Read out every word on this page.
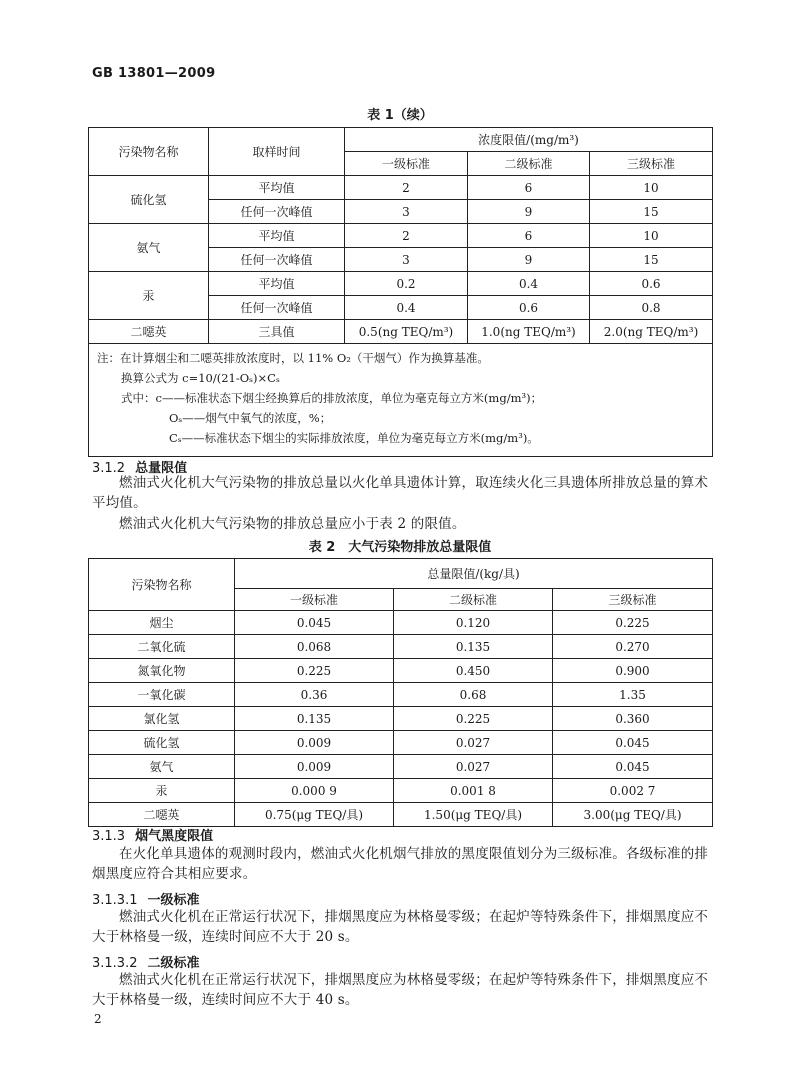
GB 13801—2009
表 1（续）
污染物名称	取样时间	浓度限值/(mg/m³)		
		一级标准	二级标准	三级标准
硫化氢	平均值	2	6	10
	任何一次峰值	3	9	15
氨气	平均值	2	6	10
	任何一次峰值	3	9	15
汞	平均值	0.2	0.4	0.6
	任何一次峰值	0.4	0.6	0.8
二噁英	三具值	0.5(ng TEQ/m³)	1.0(ng TEQ/m³)	2.0(ng TEQ/m³)

注：在计算烟尘和二噁英排放浓度时，以 11% O₂（干烟气）作为换算基准。
换算公式为 c=10/(21-Oₛ)×Cₛ
式中：c——标准状态下烟尘经换算后的排放浓度，单位为毫克每立方米(mg/m³)；
Oₛ——烟气中氧气的浓度，%；
Cₛ——标准状态下烟尘的实际排放浓度，单位为毫克每立方米(mg/m³)。				
3.1.2 总量限值
燃油式火化机大气污染物的排放总量以火化单具遗体计算，取连续火化三具遗体所排放总量的算术平均值。
燃油式火化机大气污染物的排放总量应小于表 2 的限值。
表 2　大气污染物排放总量限值
污染物名称	总量限值/(kg/具)		
	一级标准	二级标准	三级标准
烟尘	0.045	0.120	0.225
二氧化硫	0.068	0.135	0.270
氮氧化物	0.225	0.450	0.900
一氧化碳	0.36	0.68	1.35
氯化氢	0.135	0.225	0.360
硫化氢	0.009	0.027	0.045
氨气	0.009	0.027	0.045
汞	0.000 9	0.001 8	0.002 7
二噁英	0.75(μg TEQ/具)	1.50(μg TEQ/具)	3.00(μg TEQ/具)
3.1.3 烟气黑度限值
在火化单具遗体的观测时段内，燃油式火化机烟气排放的黑度限值划分为三级标准。各级标准的排烟黑度应符合其相应要求。
3.1.3.1 一级标准
燃油式火化机在正常运行状况下，排烟黑度应为林格曼零级；在起炉等特殊条件下，排烟黑度应不大于林格曼一级，连续时间应不大于 20 s。
3.1.3.2 二级标准
燃油式火化机在正常运行状况下，排烟黑度应为林格曼零级；在起炉等特殊条件下，排烟黑度应不大于林格曼一级，连续时间应不大于 40 s。
2
